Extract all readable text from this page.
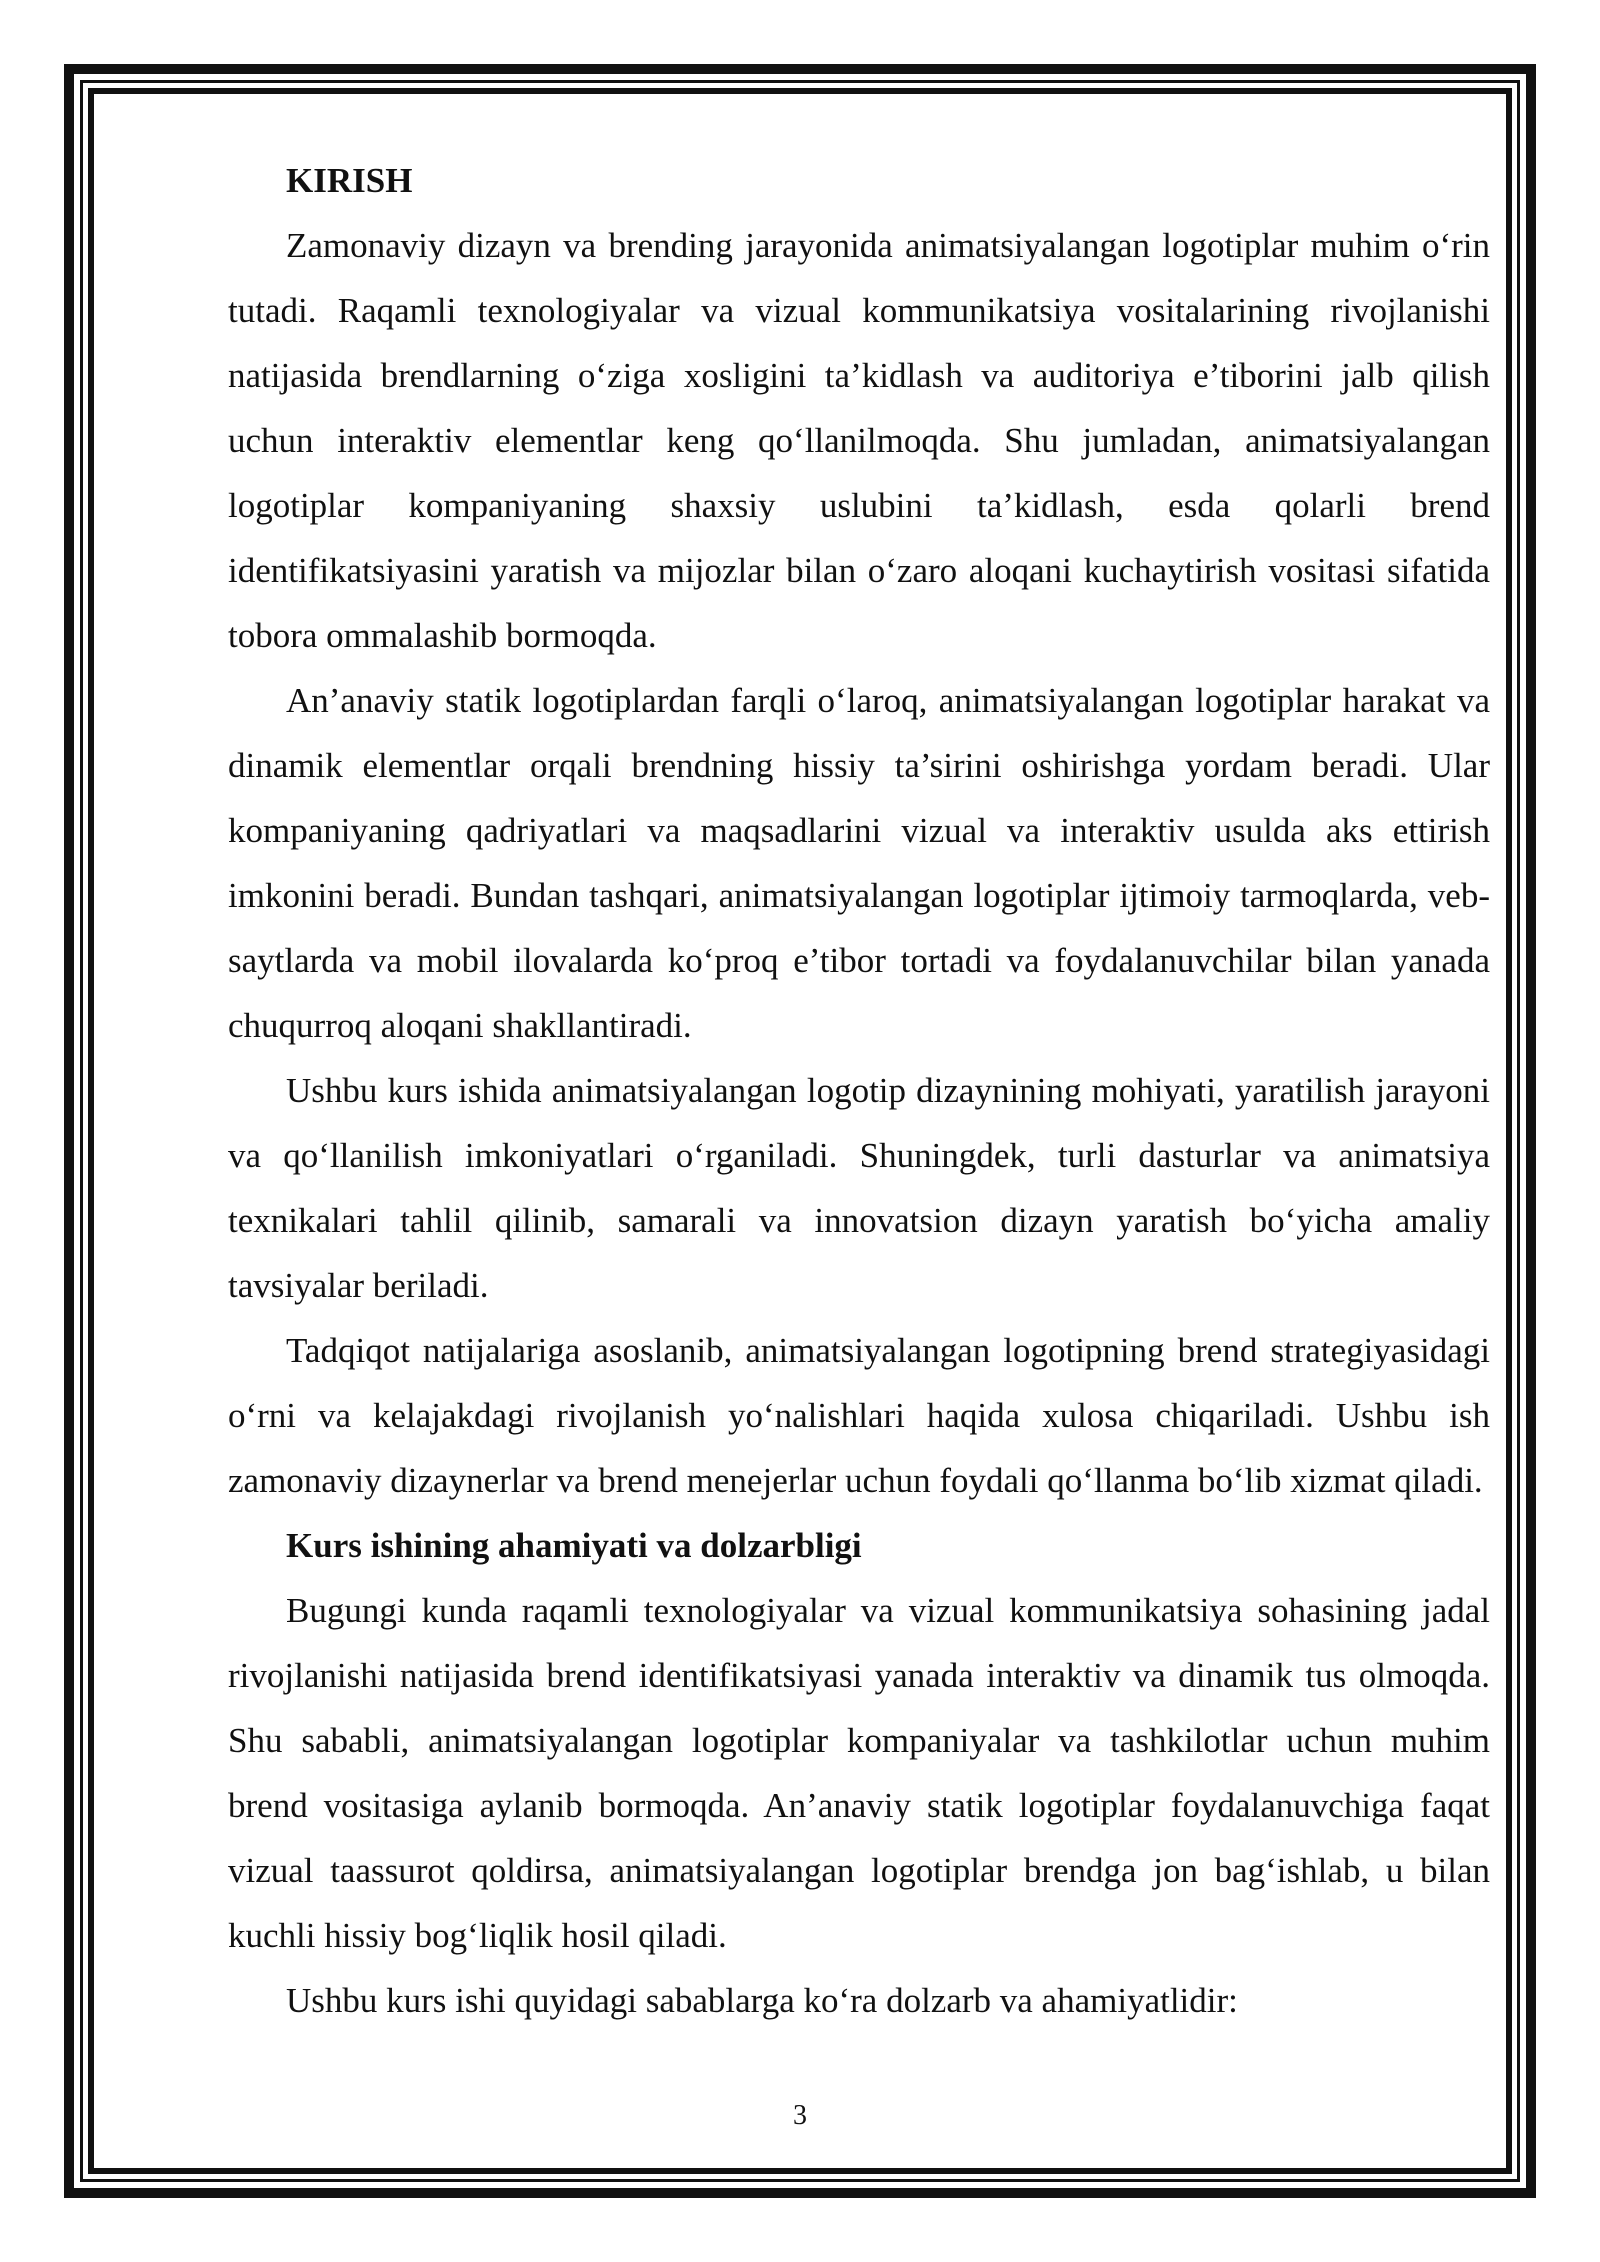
KIRISH

Zamonaviy dizayn va brending jarayonida animatsiyalangan logotiplar muhim o‘rin tutadi. Raqamli texnologiyalar va vizual kommunikatsiya vositalarining rivojlanishi natijasida brendlarning o‘ziga xosligini ta’kidlash va auditoriya e’tiborini jalb qilish uchun interaktiv elementlar keng qo‘llanilmoqda. Shu jumladan, animatsiyalangan logotiplar kompaniyaning shaxsiy uslubini ta’kidlash, esda qolarli brend identifikatsiyasini yaratish va mijozlar bilan o‘zaro aloqani kuchaytirish vositasi sifatida tobora ommalashib bormoqda.

An’anaviy statik logotiplardan farqli o‘laroq, animatsiyalangan logotiplar harakat va dinamik elementlar orqali brendning hissiy ta’sirini oshirishga yordam beradi. Ular kompaniyaning qadriyatlari va maqsadlarini vizual va interaktiv usulda aks ettirish imkonini beradi. Bundan tashqari, animatsiyalangan logotiplar ijtimoiy tarmoqlarda, veb-saytlarda va mobil ilovalarda ko‘proq e’tibor tortadi va foydalanuvchilar bilan yanada chuqurroq aloqani shakllantiradi.

Ushbu kurs ishida animatsiyalangan logotip dizaynining mohiyati, yaratilish jarayoni va qo‘llanilish imkoniyatlari o‘rganiladi. Shuningdek, turli dasturlar va animatsiya texnikalari tahlil qilinib, samarali va innovatsion dizayn yaratish bo‘yicha amaliy tavsiyalar beriladi.

Tadqiqot natijalariga asoslanib, animatsiyalangan logotipning brend strategiyasidagi o‘rni va kelajakdagi rivojlanish yo‘nalishlari haqida xulosa chiqariladi. Ushbu ish zamonaviy dizaynerlar va brend menejerlar uchun foydali qo‘llanma bo‘lib xizmat qiladi.

Kurs ishining ahamiyati va dolzarbligi

Bugungi kunda raqamli texnologiyalar va vizual kommunikatsiya sohasining jadal rivojlanishi natijasida brend identifikatsiyasi yanada interaktiv va dinamik tus olmoqda. Shu sababli, animatsiyalangan logotiplar kompaniyalar va tashkilotlar uchun muhim brend vositasiga aylanib bormoqda. An’anaviy statik logotiplar foydalanuvchiga faqat vizual taassurot qoldirsa, animatsiyalangan logotiplar brendga jon bag‘ishlab, u bilan kuchli hissiy bog‘liqlik hosil qiladi.

Ushbu kurs ishi quyidagi sabablarga ko‘ra dolzarb va ahamiyatlidir:

3
